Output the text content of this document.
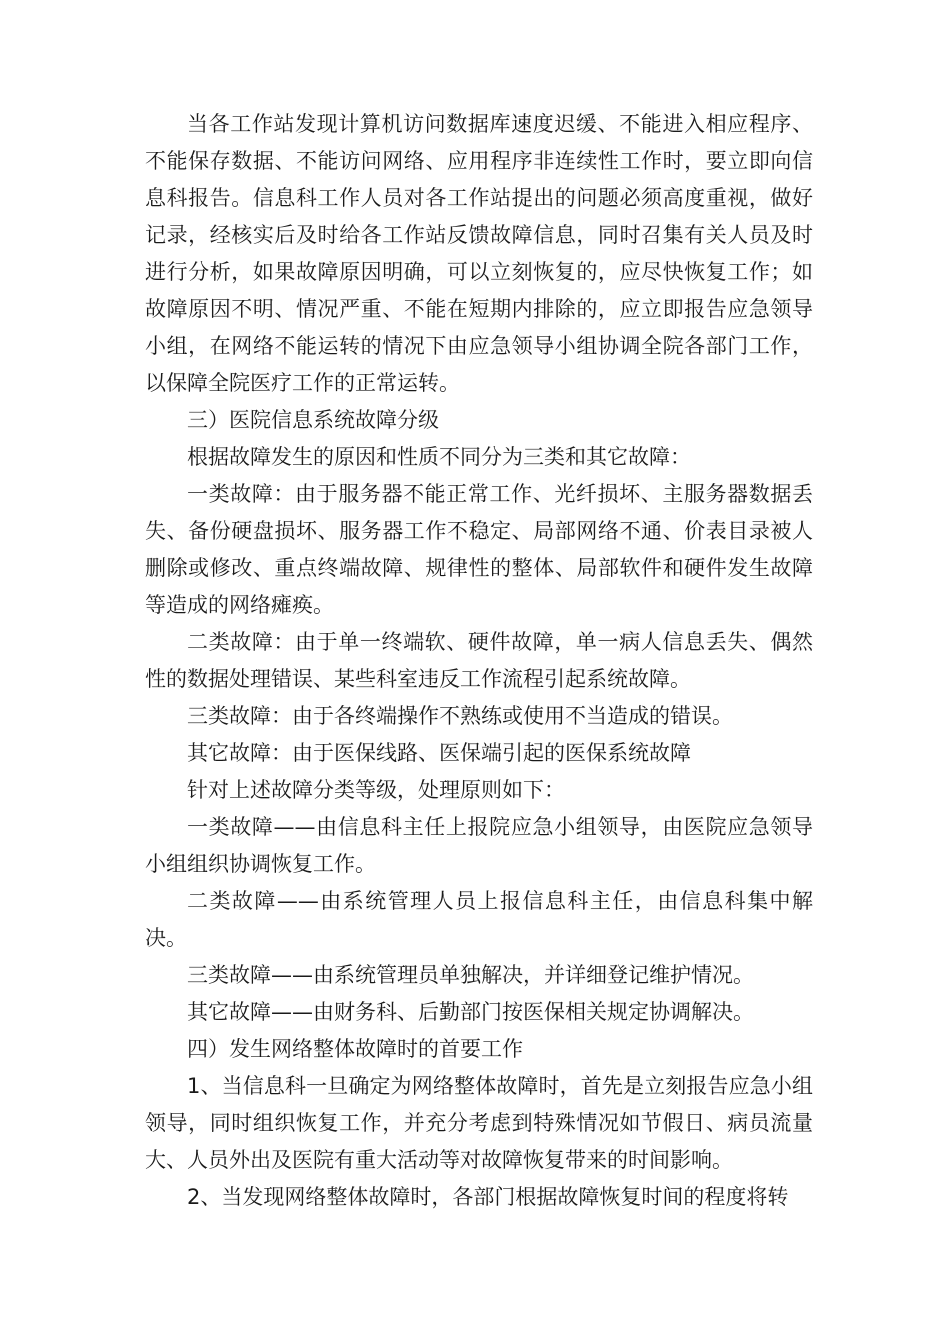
当各工作站发现计算机访问数据库速度迟缓、不能进入相应程序、不能保存数据、不能访问网络、应用程序非连续性工作时，要立即向信息科报告。信息科工作人员对各工作站提出的问题必须高度重视，做好记录，经核实后及时给各工作站反馈故障信息，同时召集有关人员及时进行分析，如果故障原因明确，可以立刻恢复的，应尽快恢复工作；如故障原因不明、情况严重、不能在短期内排除的，应立即报告应急领导小组，在网络不能运转的情况下由应急领导小组协调全院各部门工作，以保障全院医疗工作的正常运转。

三）医院信息系统故障分级

根据故障发生的原因和性质不同分为三类和其它故障：

一类故障：由于服务器不能正常工作、光纤损坏、主服务器数据丢失、备份硬盘损坏、服务器工作不稳定、局部网络不通、价表目录被人删除或修改、重点终端故障、规律性的整体、局部软件和硬件发生故障等造成的网络瘫痪。

二类故障：由于单一终端软、硬件故障，单一病人信息丢失、偶然性的数据处理错误、某些科室违反工作流程引起系统故障。

三类故障：由于各终端操作不熟练或使用不当造成的错误。

其它故障：由于医保线路、医保端引起的医保系统故障

针对上述故障分类等级，处理原则如下：

一类故障——由信息科主任上报院应急小组领导，由医院应急领导小组组织协调恢复工作。

二类故障——由系统管理人员上报信息科主任，由信息科集中解决。

三类故障——由系统管理员单独解决，并详细登记维护情况。

其它故障——由财务科、后勤部门按医保相关规定协调解决。

四）发生网络整体故障时的首要工作

1、当信息科一旦确定为网络整体故障时，首先是立刻报告应急小组领导，同时组织恢复工作，并充分考虑到特殊情况如节假日、病员流量大、人员外出及医院有重大活动等对故障恢复带来的时间影响。

2、当发现网络整体故障时，各部门根据故障恢复时间的程度将转
